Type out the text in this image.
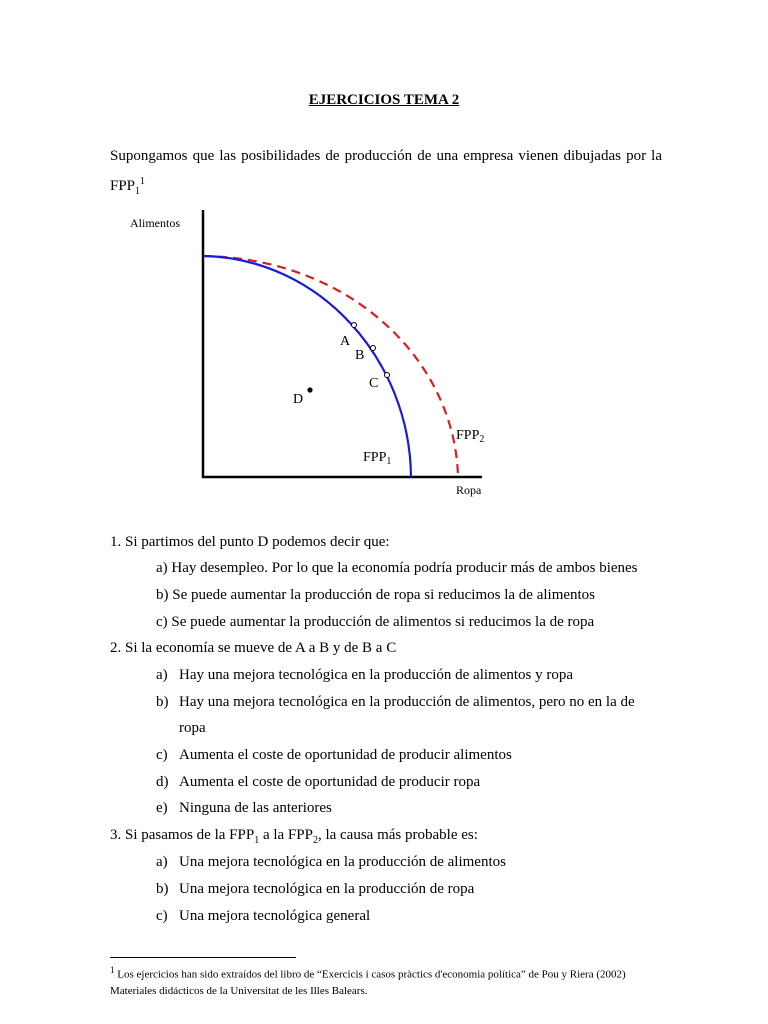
EJERCICIOS TEMA 2
Supongamos que las posibilidades de producción de una empresa vienen dibujadas por la $FPP_1^1$
Alimentos
Ropa
A
B
C
D
$FPP_1$
$FPP_2$
1. Si partimos del punto D podemos decir que:
a) Hay desempleo. Por lo que la economía podría producir más de ambos bienes
b) Se puede aumentar la producción de ropa si reducimos la de alimentos
c) Se puede aumentar la producción de alimentos si reducimos la de ropa
2. Si la economía se mueve de A a B y de B a C
a) Hay una mejora tecnológica en la producción de alimentos y ropa
b) Hay una mejora tecnológica en la producción de alimentos, pero no en la de
ropa
c) Aumenta el coste de oportunidad de producir alimentos
d) Aumenta el coste de oportunidad de producir ropa
e) Ninguna de las anteriores
3. Si pasamos de la $FPP_1$ a la $FPP_2$, la causa más probable es:
a) Una mejora tecnológica en la producción de alimentos
b) Una mejora tecnológica en la producción de ropa
c) Una mejora tecnológica general
$^1$ Los ejercicios han sido extraídos del libro de “Exercicis i casos pràctics d'economia política” de Pou y Riera (2002) Materiales didácticos de la Universitat de les Illes Balears.
